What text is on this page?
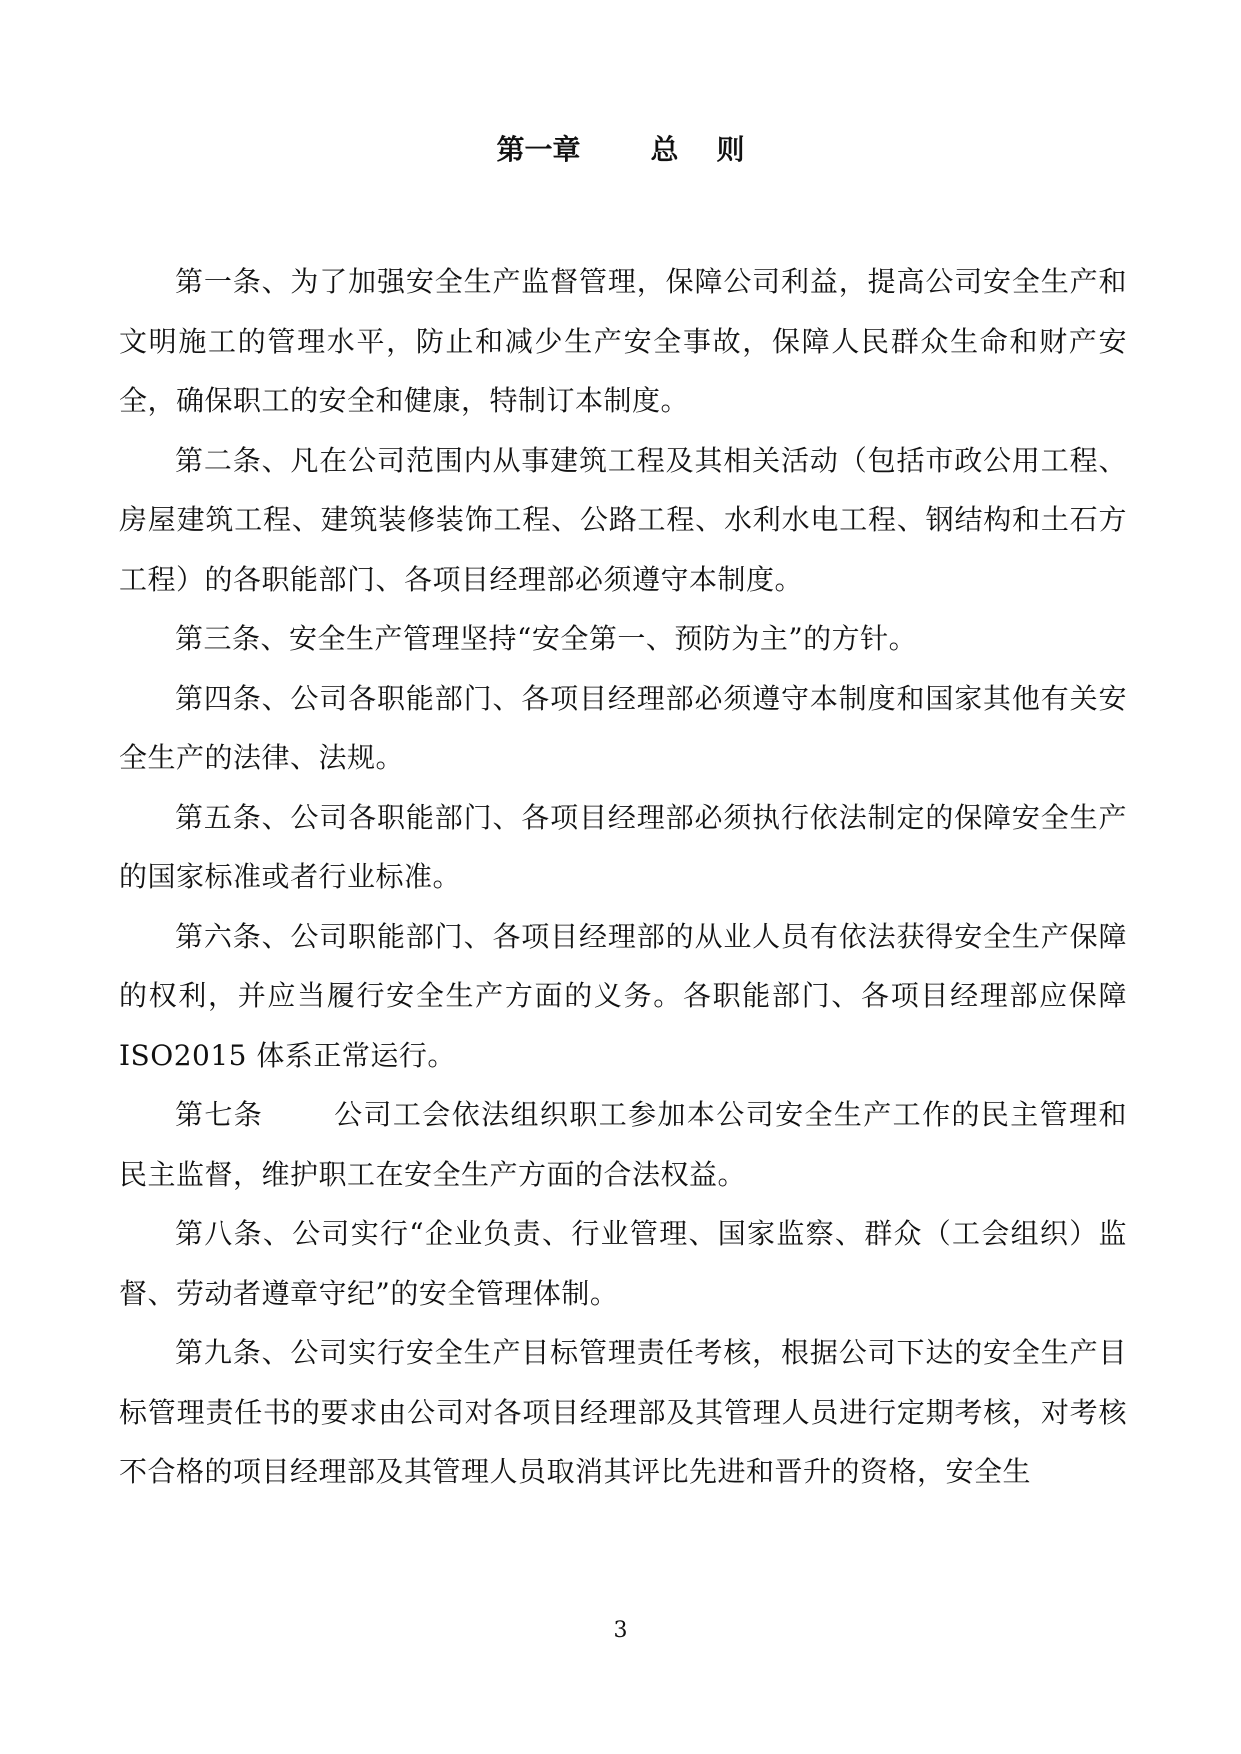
第一章	总 则

第一条、为了加强安全生产监督管理，保障公司利益，提高公司安全生产和文明施工的管理水平，防止和减少生产安全事故，保障人民群众生命和财产安全，确保职工的安全和健康，特制订本制度。

第二条、凡在公司范围内从事建筑工程及其相关活动（包括市政公用工程、房屋建筑工程、建筑装修装饰工程、公路工程、水利水电工程、钢结构和土石方工程）的各职能部门、各项目经理部必须遵守本制度。

第三条、安全生产管理坚持“安全第一、预防为主”的方针。

第四条、公司各职能部门、各项目经理部必须遵守本制度和国家其他有关安全生产的法律、法规。

第五条、公司各职能部门、各项目经理部必须执行依法制定的保障安全生产的国家标准或者行业标准。

第六条、公司职能部门、各项目经理部的从业人员有依法获得安全生产保障的权利，并应当履行安全生产方面的义务。各职能部门、各项目经理部应保障 ISO2015 体系正常运行。

第七条	公司工会依法组织职工参加本公司安全生产工作的民主管理和民主监督，维护职工在安全生产方面的合法权益。

第八条、公司实行“企业负责、行业管理、国家监察、群众（工会组织）监督、劳动者遵章守纪”的安全管理体制。

第九条、公司实行安全生产目标管理责任考核，根据公司下达的安全生产目标管理责任书的要求由公司对各项目经理部及其管理人员进行定期考核，对考核不合格的项目经理部及其管理人员取消其评比先进和晋升的资格，安全生

3
